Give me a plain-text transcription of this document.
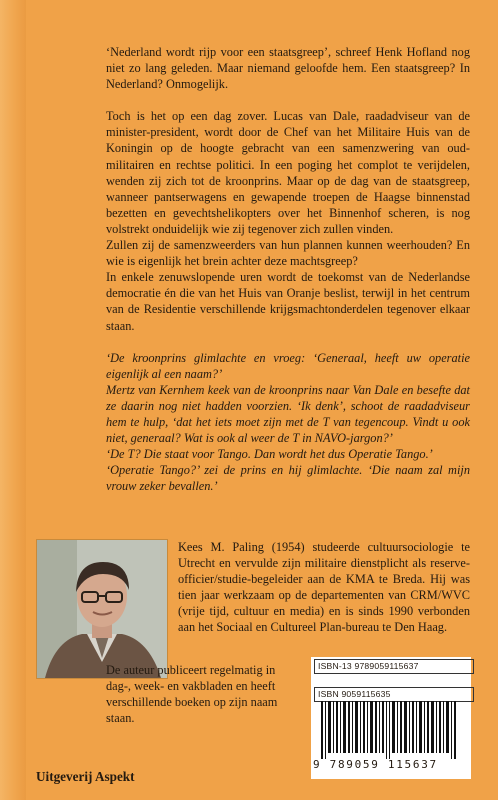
‘Nederland wordt rijp voor een staatsgreep’, schreef Henk Hofland nog niet zo lang geleden. Maar niemand geloofde hem. Een staatsgreep? In Nederland? Onmogelijk.

Toch is het op een dag zover. Lucas van Dale, raadadviseur van de minister-president, wordt door de Chef van het Militaire Huis van de Koningin op de hoogte gebracht van een samenzwering van oud-militairen en rechtse politici. In een poging het complot te verijdelen, wenden zij zich tot de kroonprins. Maar op de dag van de staatsgreep, wanneer pantserwagens en gewapende troepen de Haagse binnenstad bezetten en gevechtshelikopters over het Binnenhof scheren, is nog volstrekt onduidelijk wie zij tegenover zich zullen vinden.

Zullen zij de samenzweerders van hun plannen kunnen weerhouden? En wie is eigenlijk het brein achter deze machtsgreep?

In enkele zenuwslopende uren wordt de toekomst van de Nederlandse democratie én die van het Huis van Oranje beslist, terwijl in het centrum van de Residentie verschillende krijgsmachtonderdelen tegenover elkaar staan.

‘De kroonprins glimlachte en vroeg: ‘Generaal, heeft uw operatie eigenlijk al een naam?’

Mertz van Kernhem keek van de kroonprins naar Van Dale en besefte dat ze daarin nog niet hadden voorzien. ‘Ik denk’, schoot de raadadviseur hem te hulp, ‘dat het iets moet zijn met de T van tegencoup. Vindt u ook niet, generaal? Wat is ook al weer de T in NAVO-jargon?’

‘De T? Die staat voor Tango. Dan wordt het dus Operatie Tango.’

‘Operatie Tango?’ zei de prins en hij glimlachte. ‘Die naam zal mijn vrouw zeker bevallen.’

Kees M. Paling (1954) studeerde cultuursociologie te Utrecht en vervulde zijn militaire dienstplicht als reserve-officier/studie-begeleider aan de KMA te Breda. Hij was tien jaar werkzaam op de departementen van CRM/WVC (vrije tijd, cultuur en media) en is sinds 1990 verbonden aan het Sociaal en Cultureel Plan-bureau te Den Haag.

De auteur publiceert regelmatig in dag-, week- en vakbladen en heeft verschillende boeken op zijn naam staan.

ISBN-13 9789059115637
ISBN 9059115635
9 789059 115637
Uitgeverij Aspekt
